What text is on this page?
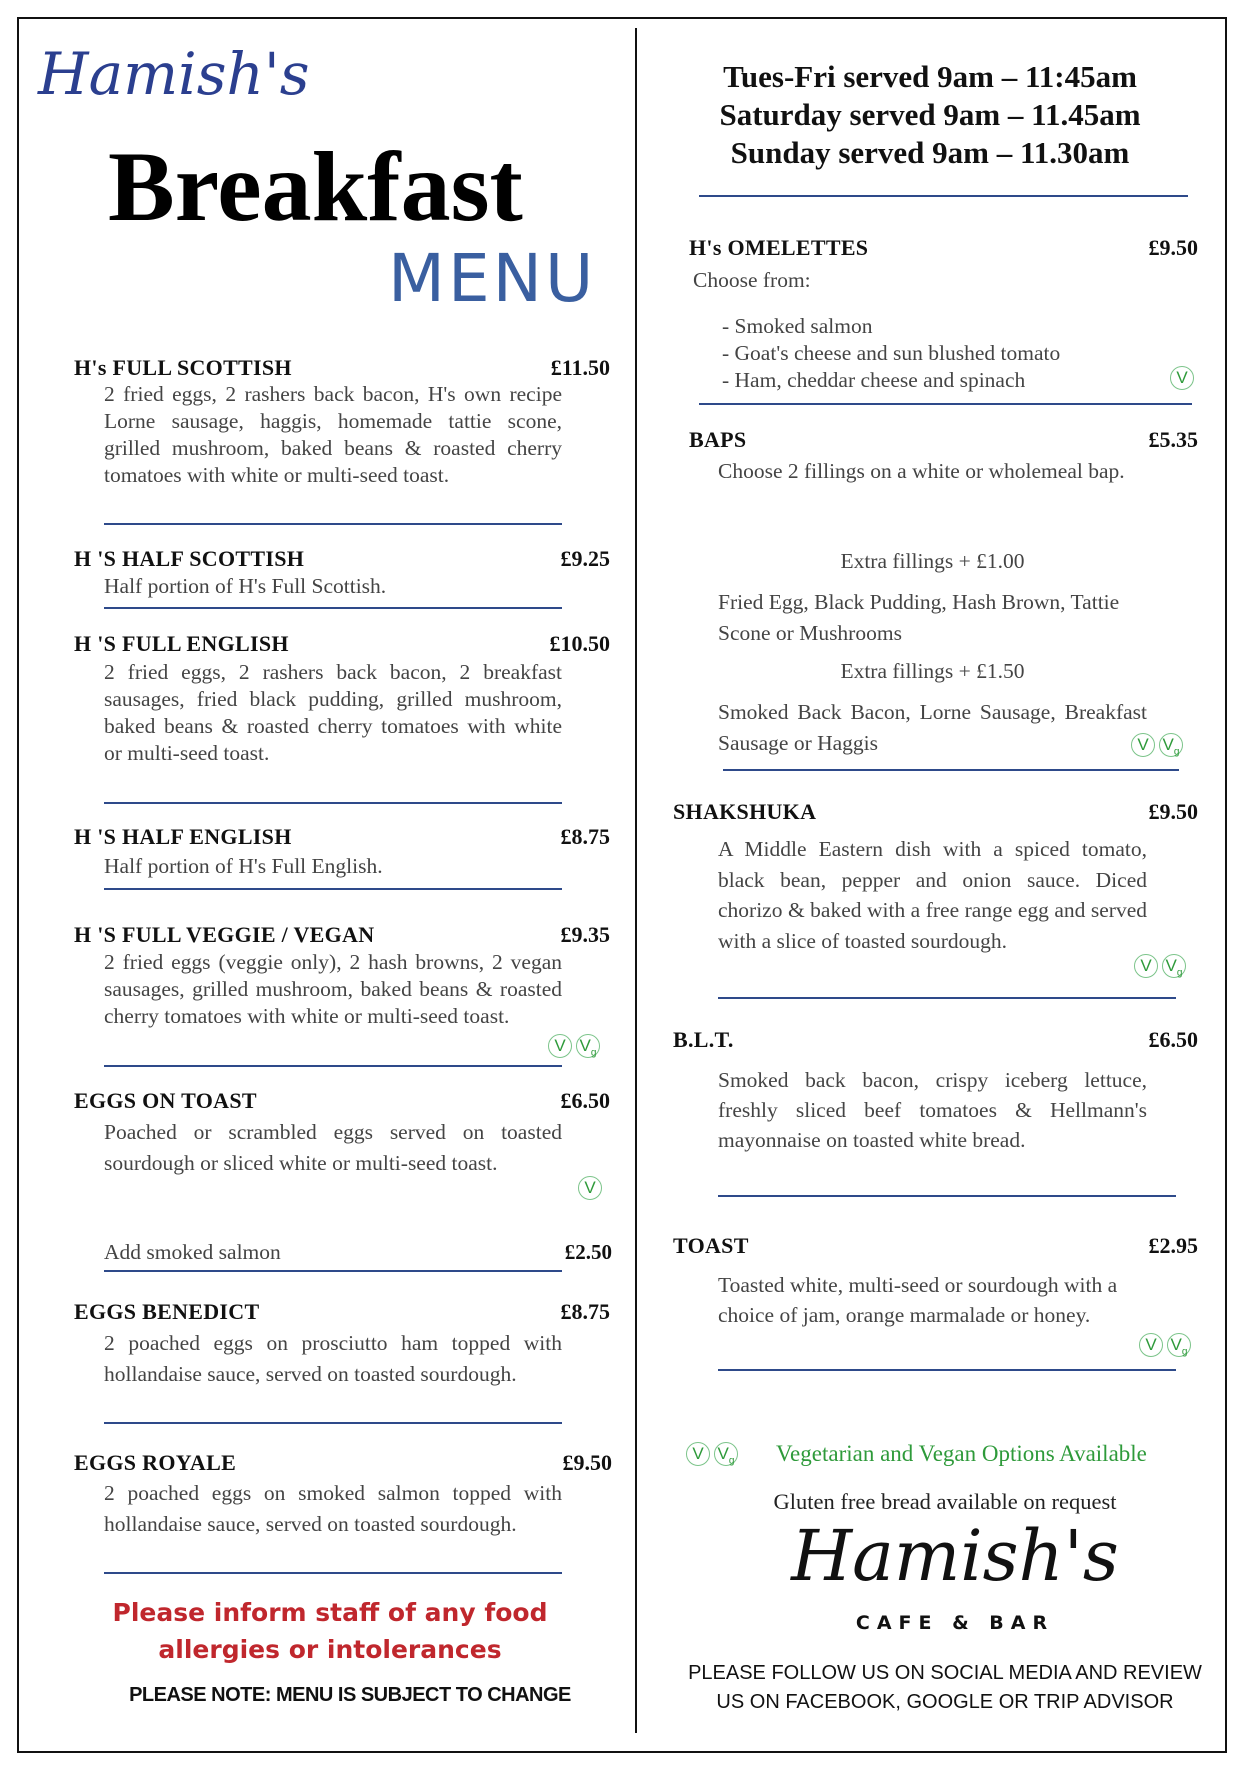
Hamish's
Breakfast
MENU
H's FULL SCOTTISH	£11.50
2 fried eggs, 2 rashers back bacon, H's own recipe Lorne sausage, haggis, homemade tattie scone, grilled mushroom, baked beans & roasted cherry tomatoes with white or multi-seed toast.
H 'S HALF SCOTTISH	£9.25
Half portion of H's Full Scottish.
H 'S FULL ENGLISH	£10.50
2 fried eggs, 2 rashers back bacon, 2 breakfast sausages, fried black pudding, grilled mushroom, baked beans & roasted cherry tomatoes with white or multi-seed toast.
H 'S HALF ENGLISH	£8.75
Half portion of H's Full English.
H 'S FULL VEGGIE / VEGAN	£9.35
2 fried eggs (veggie only), 2 hash browns, 2 vegan sausages, grilled mushroom, baked beans & roasted cherry tomatoes with white or multi-seed toast.
V $V_g$
EGGS ON TOAST	£6.50
Poached or scrambled eggs served on toasted sourdough or sliced white or multi-seed toast.
V
Add smoked salmon	£2.50
EGGS BENEDICT	£8.75
2 poached eggs on prosciutto ham topped with hollandaise sauce, served on toasted sourdough.
EGGS ROYALE	£9.50
2 poached eggs on smoked salmon topped with hollandaise sauce, served on toasted sourdough.
Please inform staff of any food
allergies or intolerances
PLEASE NOTE: MENU IS SUBJECT TO CHANGE
Tues-Fri served 9am – 11:45am
Saturday served 9am – 11.45am
Sunday served 9am – 11.30am
H's OMELETTES	£9.50
Choose from:
- Smoked salmon
- Goat's cheese and sun blushed tomato
- Ham, cheddar cheese and spinach	V
BAPS	£5.35
Choose 2 fillings on a white or wholemeal bap.
Extra fillings + £1.00
Fried Egg, Black Pudding, Hash Brown, Tattie Scone or Mushrooms
Extra fillings + £1.50
Smoked Back Bacon, Lorne Sausage, Breakfast Sausage or Haggis	V $V_g$
SHAKSHUKA	£9.50
A Middle Eastern dish with a spiced tomato, black bean, pepper and onion sauce. Diced chorizo & baked with a free range egg and served with a slice of toasted sourdough.
V $V_g$
B.L.T.	£6.50
Smoked back bacon, crispy iceberg lettuce, freshly sliced beef tomatoes & Hellmann's mayonnaise on toasted white bread.
TOAST	£2.95
Toasted white, multi-seed or sourdough with a choice of jam, orange marmalade or honey.
V $V_g$
V $V_g$ Vegetarian and Vegan Options Available
Gluten free bread available on request
Hamish's
CAFE & BAR
PLEASE FOLLOW US ON SOCIAL MEDIA AND REVIEW
US ON FACEBOOK, GOOGLE OR TRIP ADVISOR
